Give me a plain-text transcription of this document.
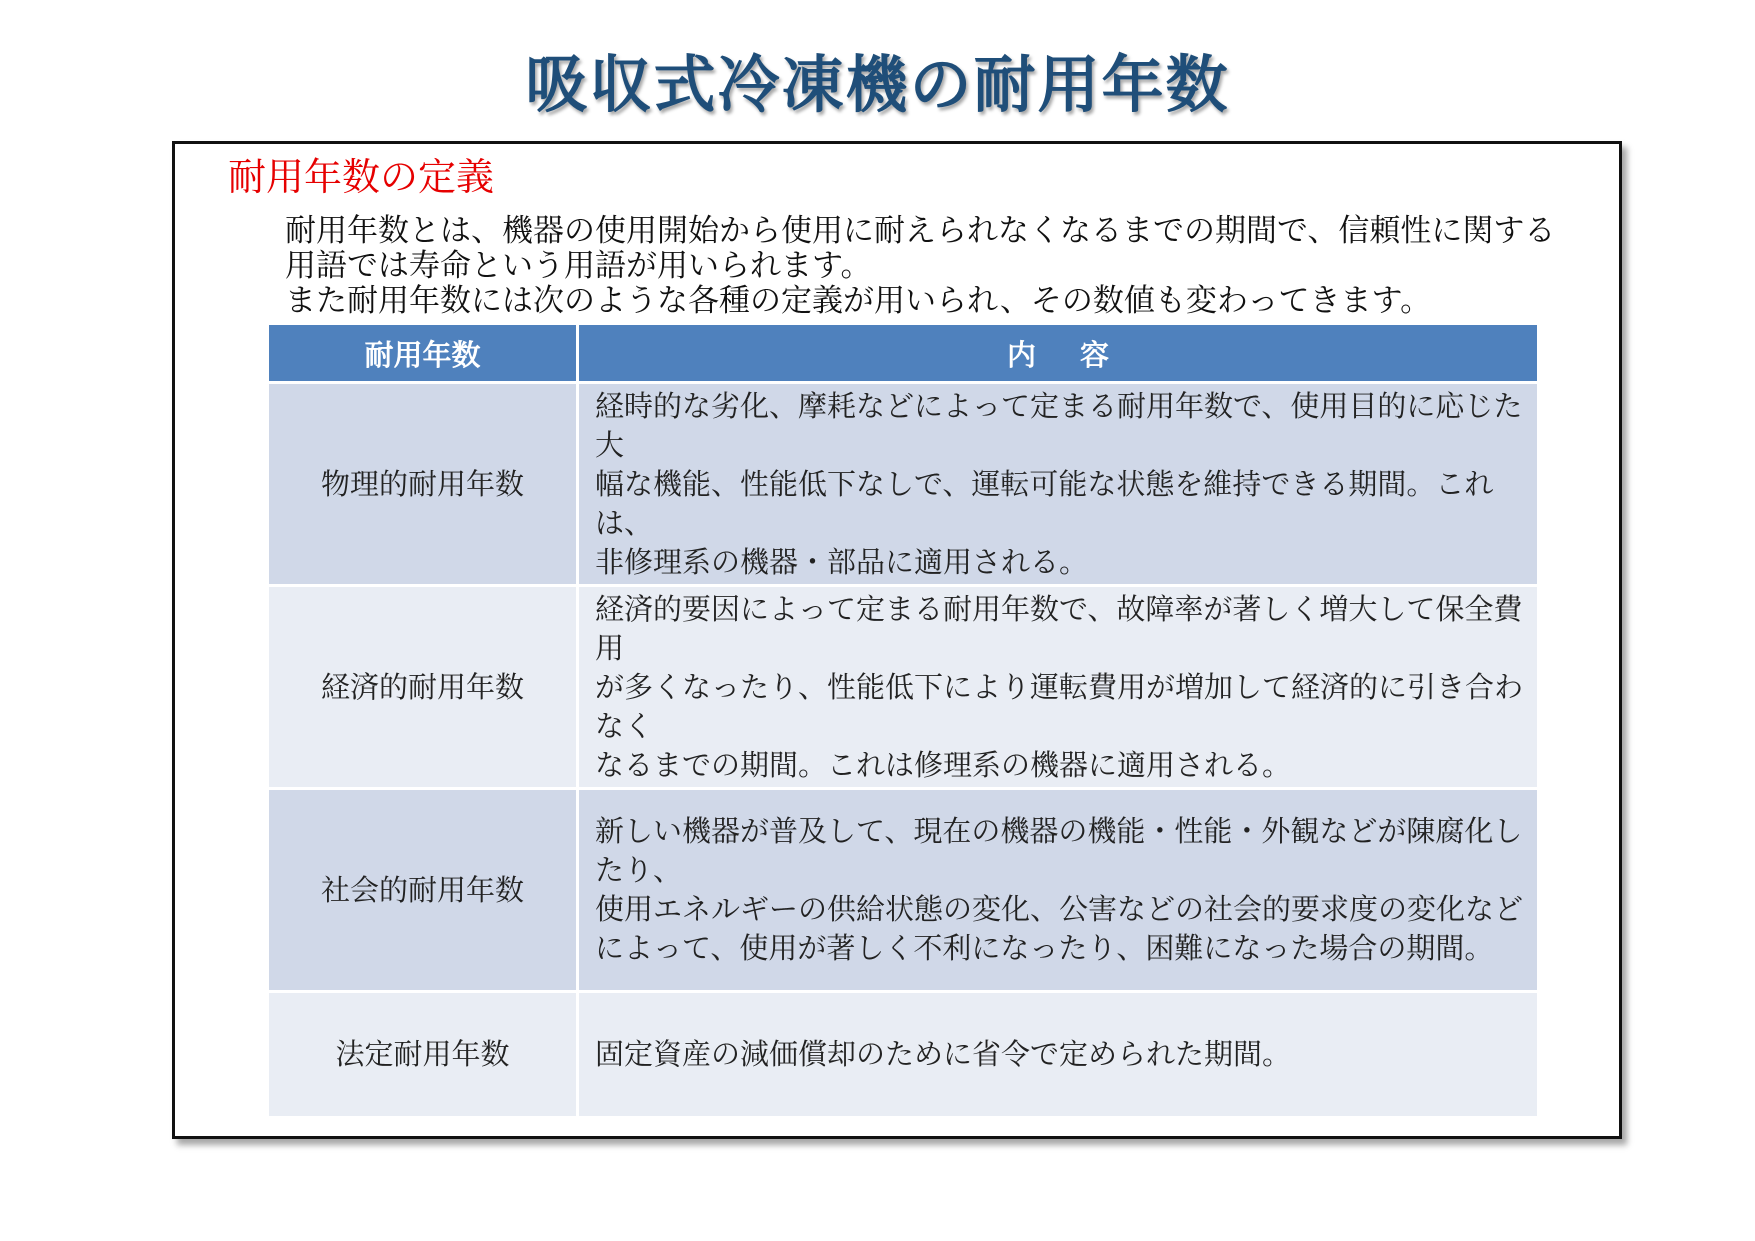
吸収式冷凍機の耐用年数
耐用年数の定義

耐用年数とは、機器の使用開始から使用に耐えられなくなるまでの期間で、信頼性に関する

用語では寿命という用語が用いられます。

また耐用年数には次のような各種の定義が用いられ、その数値も変わってきます。

耐用年数	内 容
物理的耐用年数	経時的な劣化、摩耗などによって定まる耐用年数で、使用目的に応じた大
幅な機能、性能低下なしで、運転可能な状態を維持できる期間。これは、
非修理系の機器・部品に適用される。

経済的耐用年数	経済的要因によって定まる耐用年数で、故障率が著しく増大して保全費用
が多くなったり、性能低下により運転費用が増加して経済的に引き合わなく
なるまでの期間。これは修理系の機器に適用される。

社会的耐用年数	新しい機器が普及して、現在の機器の機能・性能・外観などが陳腐化したり、
使用エネルギーの供給状態の変化、公害などの社会的要求度の変化など
によって、使用が著しく不利になったり、困難になった場合の期間。

法定耐用年数	固定資産の減価償却のために省令で定められた期間。
